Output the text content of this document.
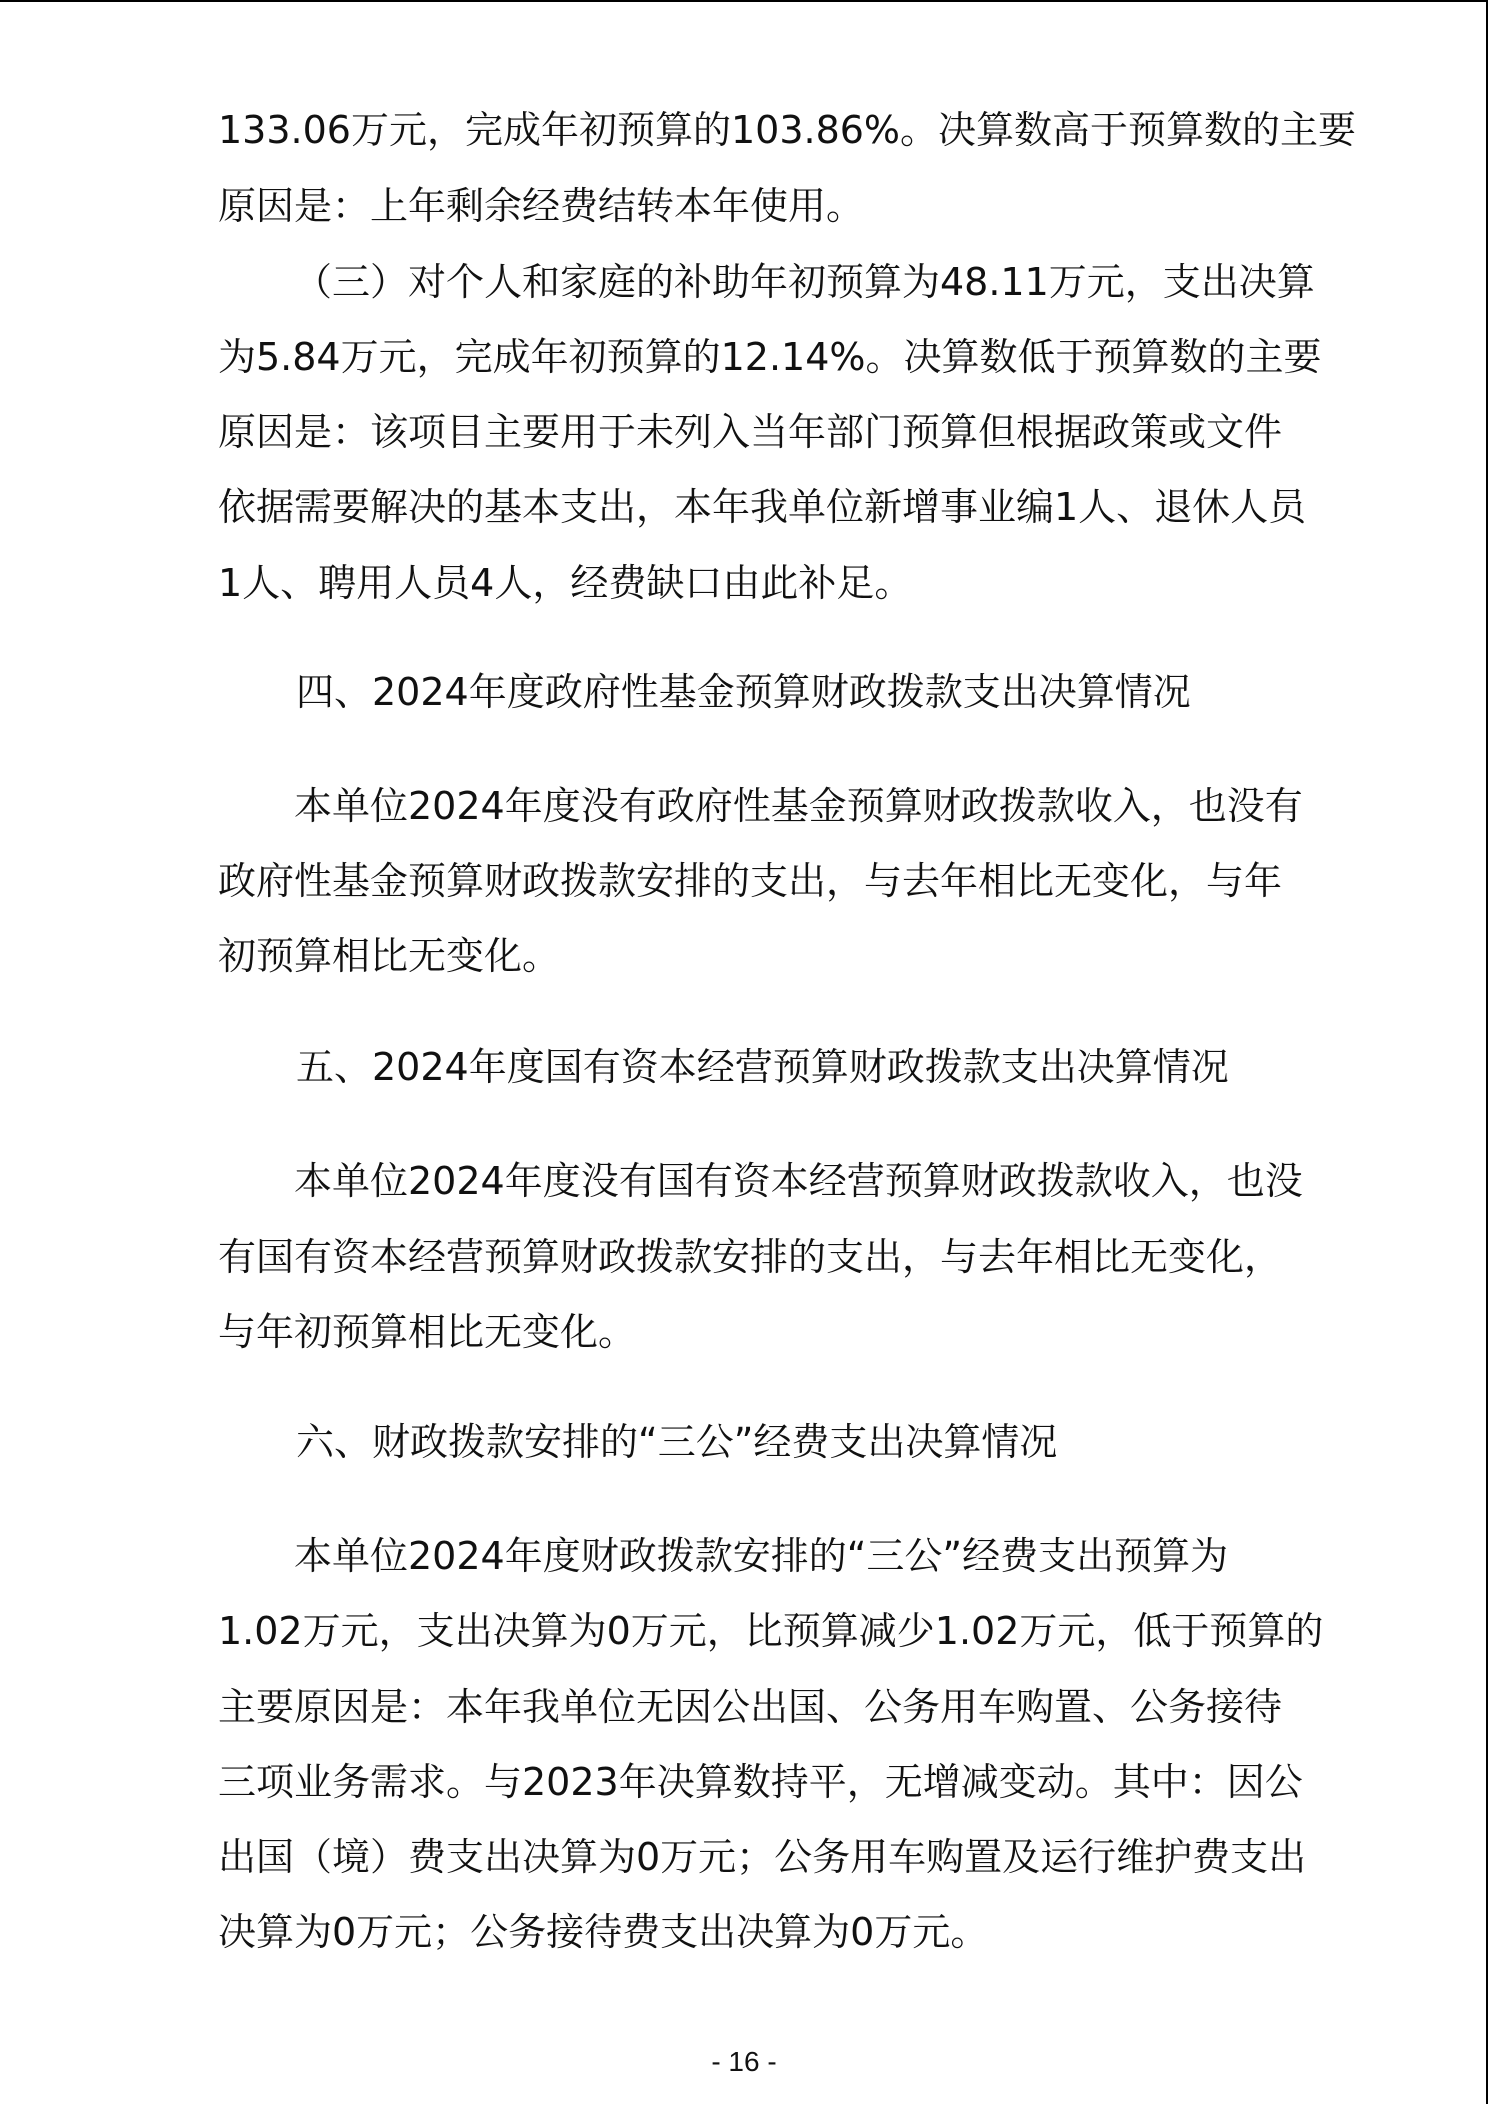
133.06万元，完成年初预算的103.86%。决算数高于预算数的主要
原因是：上年剩余经费结转本年使用。
（三）对个人和家庭的补助年初预算为48.11万元，支出决算
为5.84万元，完成年初预算的12.14%。决算数低于预算数的主要
原因是：该项目主要用于未列入当年部门预算但根据政策或文件
依据需要解决的基本支出，本年我单位新增事业编1人、退休人员
1人、聘用人员4人，经费缺口由此补足。
四、2024年度政府性基金预算财政拨款支出决算情况
本单位2024年度没有政府性基金预算财政拨款收入，也没有
政府性基金预算财政拨款安排的支出，与去年相比无变化，与年
初预算相比无变化。
五、2024年度国有资本经营预算财政拨款支出决算情况
本单位2024年度没有国有资本经营预算财政拨款收入，也没
有国有资本经营预算财政拨款安排的支出，与去年相比无变化，
与年初预算相比无变化。
六、财政拨款安排的“三公”经费支出决算情况
本单位2024年度财政拨款安排的“三公”经费支出预算为
1.02万元，支出决算为0万元，比预算减少1.02万元，低于预算的
主要原因是：本年我单位无因公出国、公务用车购置、公务接待
三项业务需求。与2023年决算数持平，无增减变动。其中：因公
出国（境）费支出决算为0万元；公务用车购置及运行维护费支出
决算为0万元；公务接待费支出决算为0万元。
- 16 -
